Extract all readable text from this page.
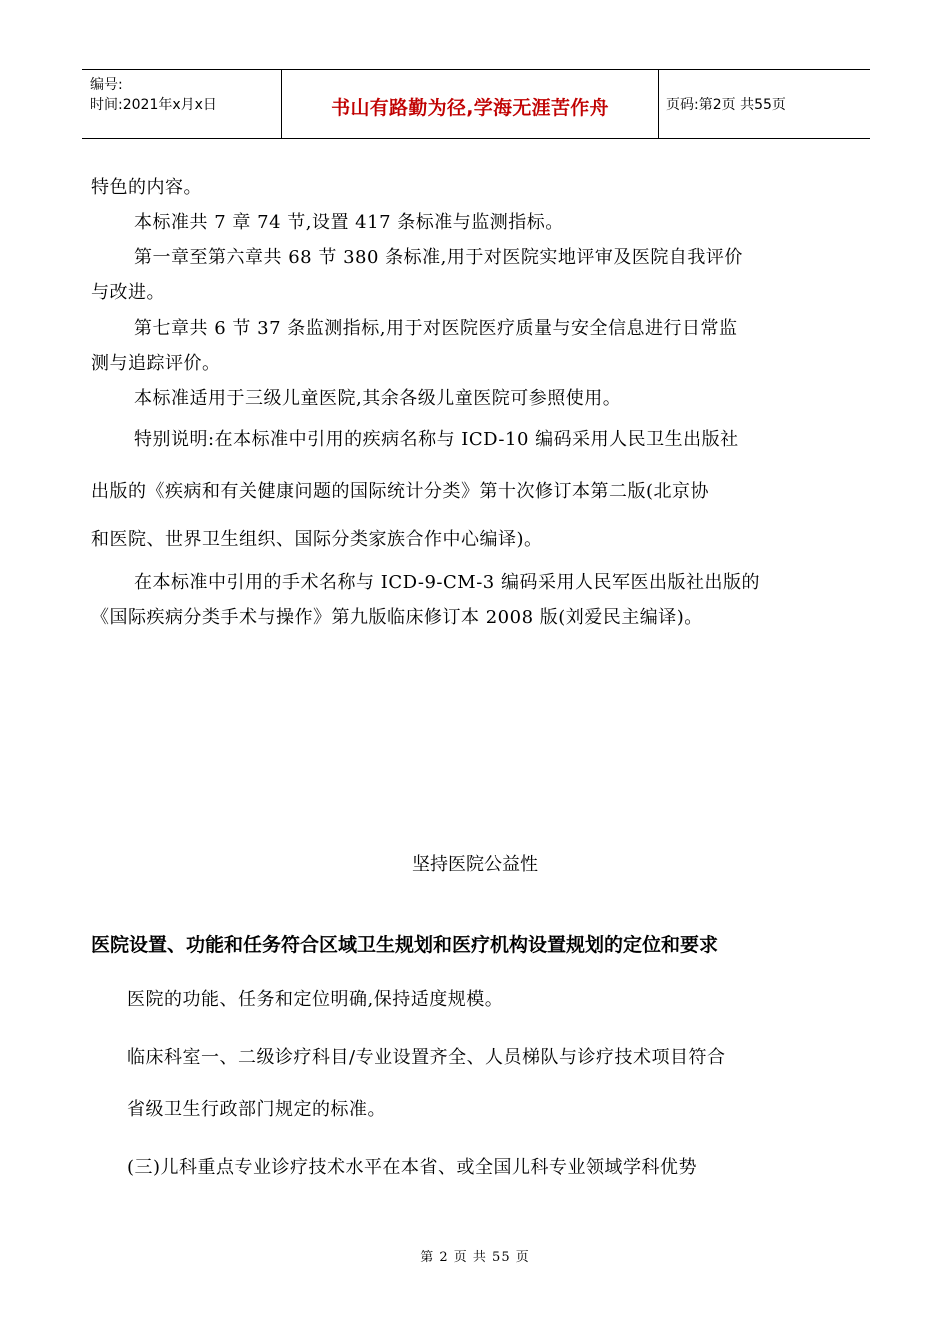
编号:
时间:2021年x月x日	书山有路勤为径,学海无涯苦作舟	页码:第2页 共55页
特色的内容。
本标准共 7 章 74 节,设置 417 条标准与监测指标。
第一章至第六章共 68 节 380 条标准,用于对医院实地评审及医院自我评价
与改进。
第七章共 6 节 37 条监测指标,用于对医院医疗质量与安全信息进行日常监
测与追踪评价。
本标准适用于三级儿童医院,其余各级儿童医院可参照使用。
特别说明:在本标准中引用的疾病名称与 ICD-10 编码采用人民卫生出版社
出版的《疾病和有关健康问题的国际统计分类》第十次修订本第二版(北京协
和医院、世界卫生组织、国际分类家族合作中心编译)。
在本标准中引用的手术名称与 ICD-9-CM-3 编码采用人民军医出版社出版的
《国际疾病分类手术与操作》第九版临床修订本 2008 版(刘爱民主编译)。
坚持医院公益性
医院设置、功能和任务符合区域卫生规划和医疗机构设置规划的定位和要求
医院的功能、任务和定位明确,保持适度规模。
临床科室一、二级诊疗科目/专业设置齐全、人员梯队与诊疗技术项目符合
省级卫生行政部门规定的标准。
(三)儿科重点专业诊疗技术水平在本省、或全国儿科专业领域学科优势
第 2 页 共 55 页
